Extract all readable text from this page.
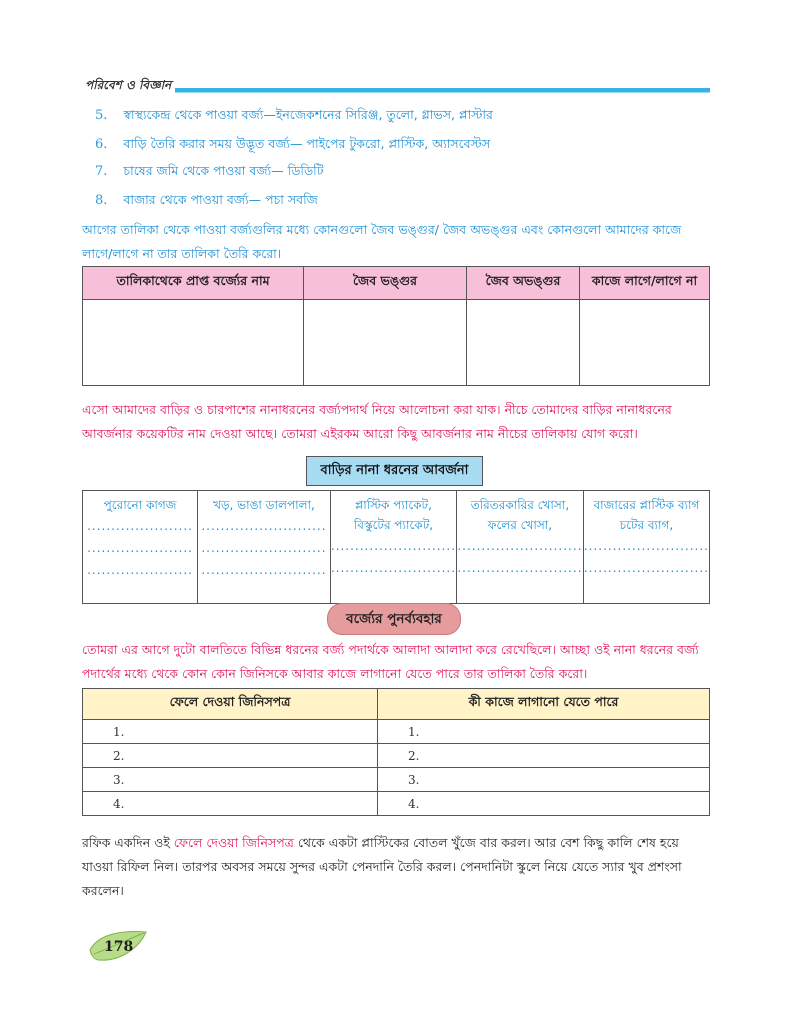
পরিবেশ ও বিজ্ঞান
5. স্বাস্থ্যকেন্দ্র থেকে পাওয়া বর্জ্য—ইনজেকশনের সিরিঞ্জ, তুলো, গ্লাভস, প্লাস্টার
6. বাড়ি তৈরি করার সময় উদ্ভূত বর্জ্য— পাইপের টুকরো, প্লাস্টিক, অ্যাসবেস্টস
7. চাষের জমি থেকে পাওয়া বর্জ্য— ডিডিটি
8. বাজার থেকে পাওয়া বর্জ্য— পচা সবজি
আগের তালিকা থেকে পাওয়া বর্জ্যগুলির মধ্যে কোনগুলো জৈব ভঙ্গুর/ জৈব অভঙ্গুর এবং কোনগুলো আমাদের কাজে লাগে/লাগে না তার তালিকা তৈরি করো।
তালিকাথেকে প্রাপ্ত বর্জ্যের নাম	জৈব ভঙ্গুর	জৈব অভঙ্গুর	কাজে লাগে/লাগে না

এসো আমাদের বাড়ির ও চারপাশের নানাধরনের বর্জ্যপদার্থ নিয়ে আলোচনা করা যাক। নীচে তোমাদের বাড়ির নানাধরনের আবর্জনার কয়েকটির নাম দেওয়া আছে। তোমরা এইরকম আরো কিছু আবর্জনার নাম নীচের তালিকায় যোগ করো।
বাড়ির নানা ধরনের আবর্জনা
পুরোনো কাগজ
......................
......................
......................

খড়, ভাঙা ডালপালা,
..........................
..........................
..........................

প্লাস্টিক প্যাকেট,
বিস্কুটের প্যাকেট,
..........................
..........................

তরিতরকারির খোসা,
ফলের খোসা,
..........................
..........................

বাজারের প্লাস্টিক ব্যাগ
চটের ব্যাগ,
..........................
..........................
বর্জ্যের পুনর্ব্যবহার
তোমরা এর আগে দুটো বালতিতে বিভিন্ন ধরনের বর্জ্য পদার্থকে আলাদা আলাদা করে রেখেছিলে। আচ্ছা ওই নানা ধরনের বর্জ্য পদার্থের মধ্যে থেকে কোন কোন জিনিসকে আবার কাজে লাগানো যেতে পারে তার তালিকা তৈরি করো।
ফেলে দেওয়া জিনিসপত্র	কী কাজে লাগানো যেতে পারে
1.	1.
2.	2.
3.	3.
4.	4.
রফিক একদিন ওই ফেলে দেওয়া জিনিসপত্র থেকে একটা প্লাস্টিকের বোতল খুঁজে বার করল। আর বেশ কিছু কালি শেষ হয়ে যাওয়া রিফিল নিল। তারপর অবসর সময়ে সুন্দর একটা পেনদানি তৈরি করল। পেনদানিটা স্কুলে নিয়ে যেতে স্যার খুব প্রশংসা করলেন।
178
